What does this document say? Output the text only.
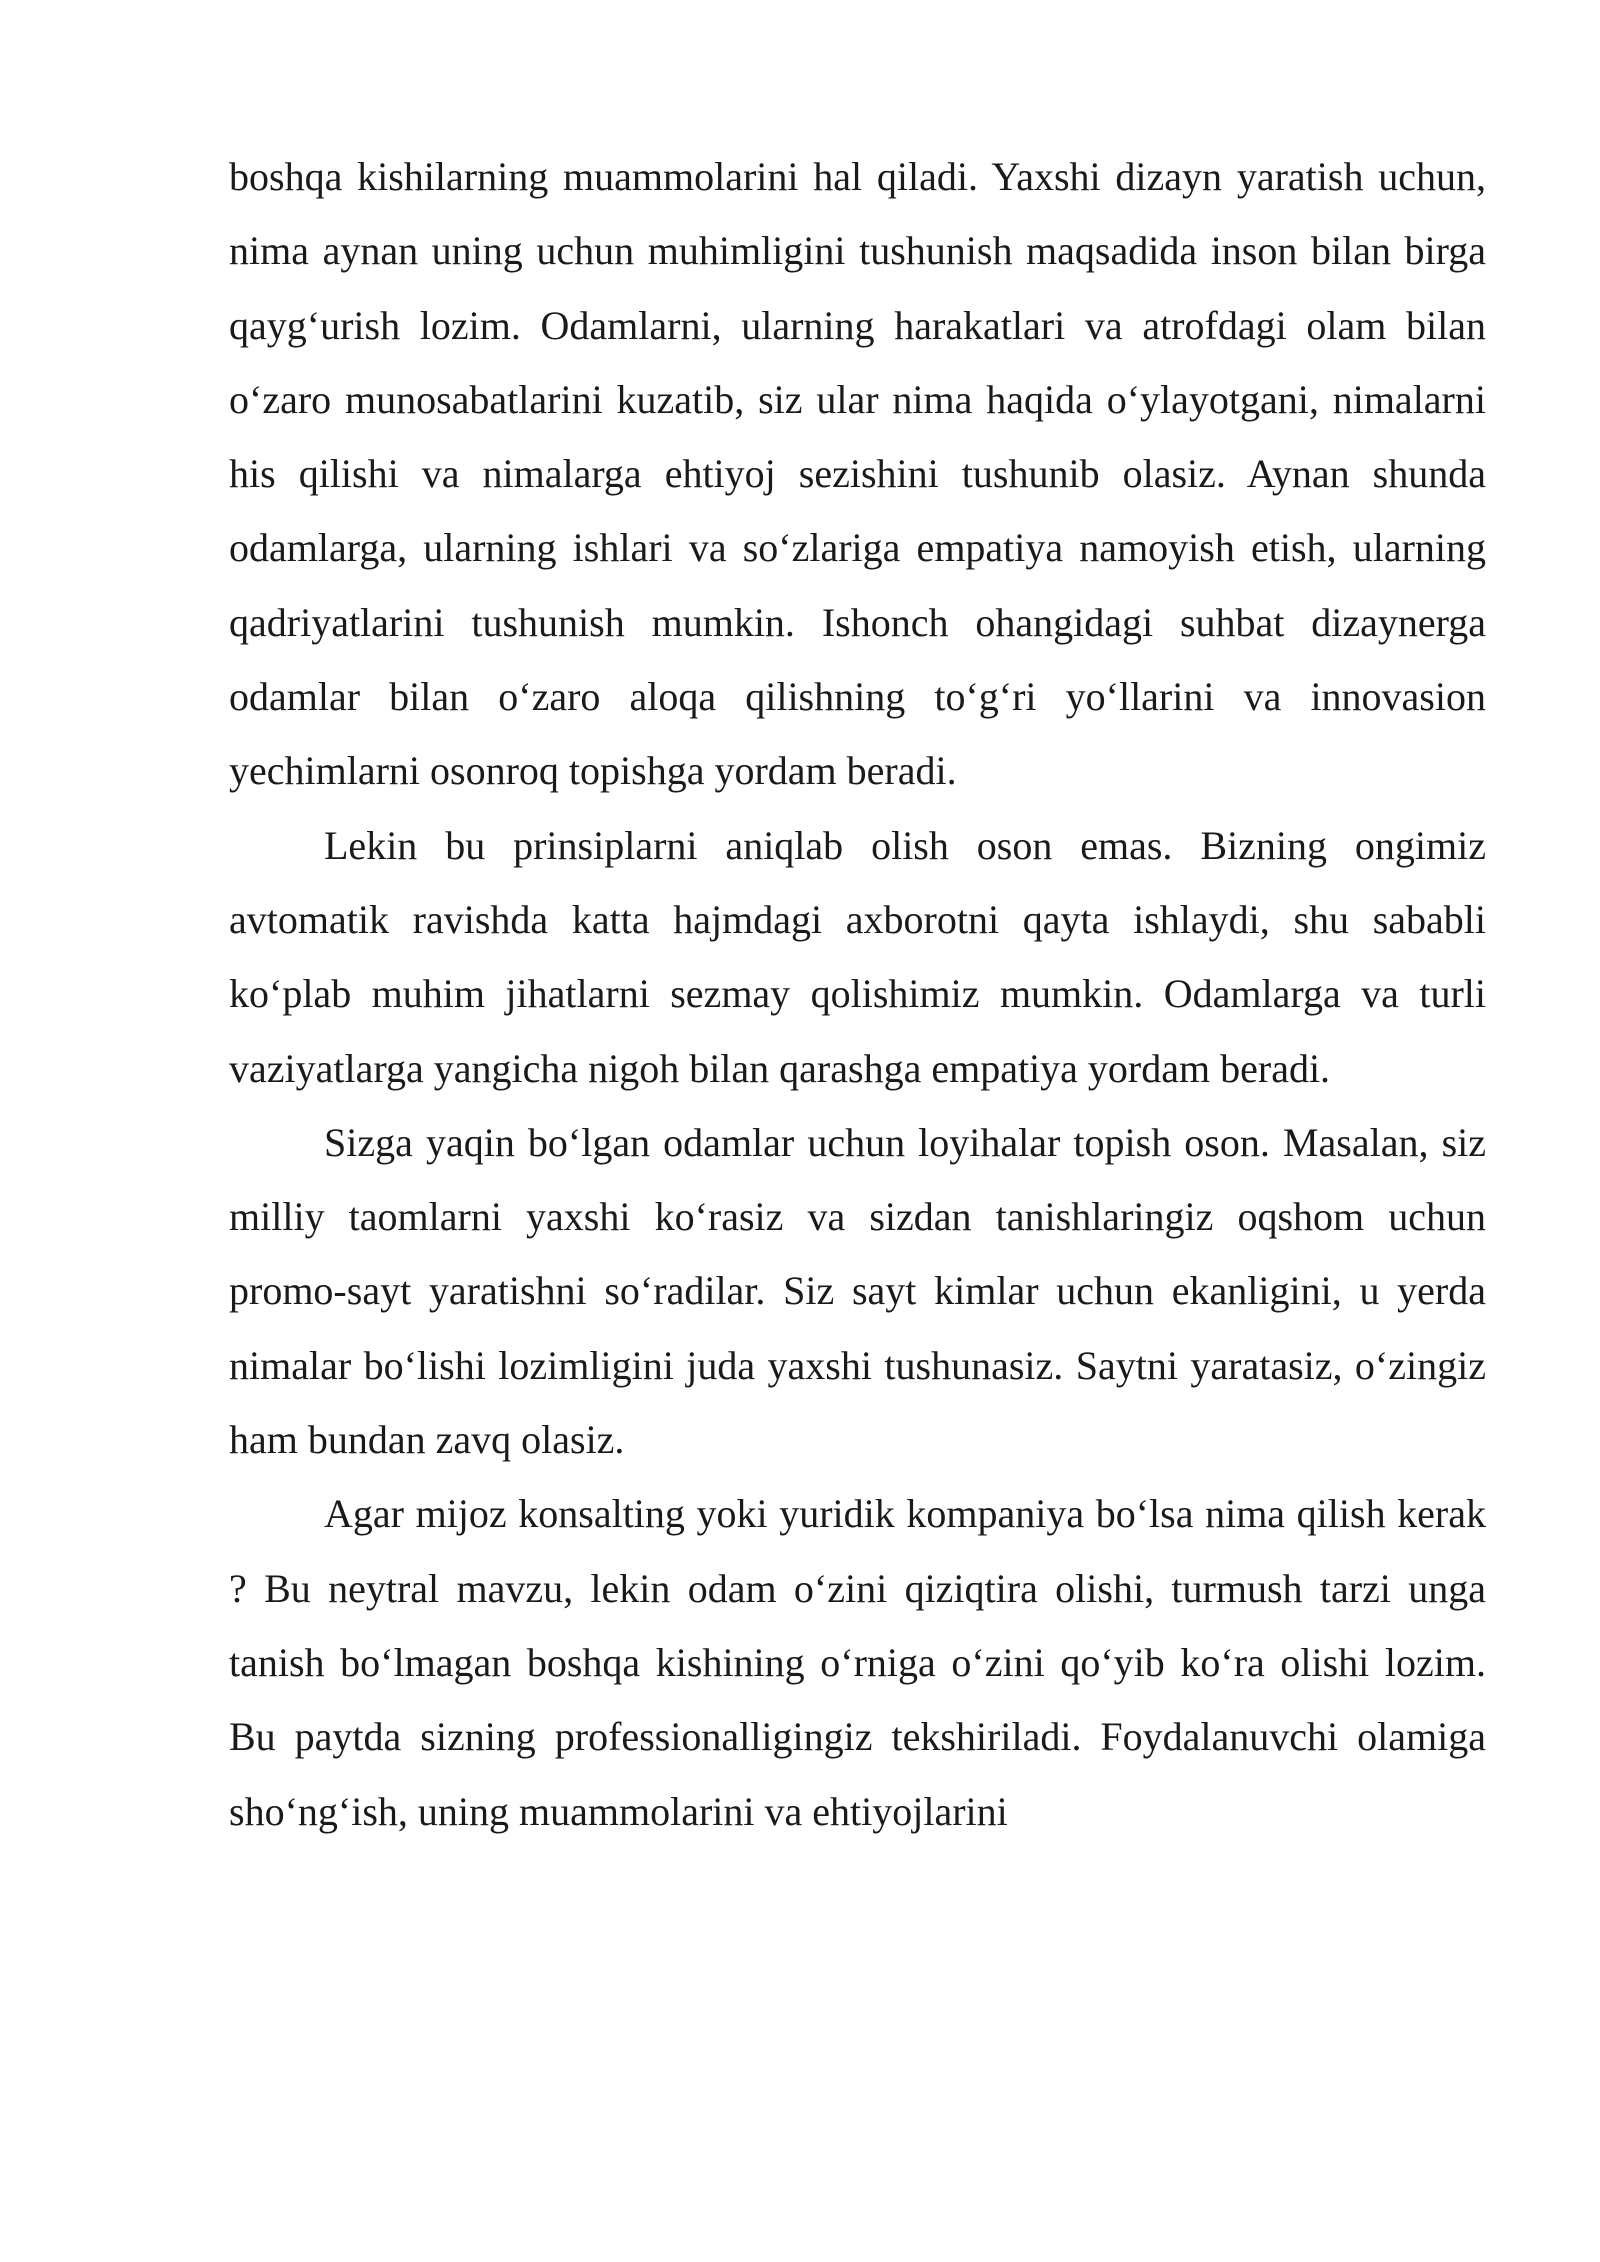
boshqa kishilarning muammolarini hal qiladi. Yaxshi dizayn yaratish uchun, nima aynan uning uchun muhimligini tushunish maqsadida inson bilan birga qayg‘urish lozim. Odamlarni, ularning harakatlari va atrofdagi olam bilan o‘zaro munosabatlarini kuzatib, siz ular nima haqida o‘ylayotgani, nimalarni his qilishi va nimalarga ehtiyoj sezishini tushunib olasiz. Aynan shunda odamlarga, ularning ishlari va so‘zlariga empatiya namoyish etish, ularning qadriyatlarini tushunish mumkin. Ishonch ohangidagi suhbat dizaynerga odamlar bilan o‘zaro aloqa qilishning to‘g‘ri yo‘llarini va innovasion yechimlarni osonroq topishga yordam beradi.

Lekin bu prinsiplarni aniqlab olish oson emas. Bizning ongimiz avtomatik ravishda katta hajmdagi axborotni qayta ishlaydi, shu sababli ko‘plab muhim jihatlarni sezmay qolishimiz mumkin. Odamlarga va turli vaziyatlarga yangicha nigoh bilan qarashga empatiya yordam beradi.

Sizga yaqin bo‘lgan odamlar uchun loyihalar topish oson. Masalan, siz milliy taomlarni yaxshi ko‘rasiz va sizdan tanishlaringiz oqshom uchun promo-sayt yaratishni so‘radilar. Siz sayt kimlar uchun ekanligini, u yerda nimalar bo‘lishi lozimligini juda yaxshi tushunasiz. Saytni yaratasiz, o‘zingiz ham bundan zavq olasiz.

Agar mijoz konsalting yoki yuridik kompaniya bo‘lsa nima qilish kerak ? Bu neytral mavzu, lekin odam o‘zini qiziqtira olishi, turmush tarzi unga tanish bo‘lmagan boshqa kishining o‘rniga o‘zini qo‘yib ko‘ra olishi lozim. Bu paytda sizning professionalligingiz tekshiriladi. Foydalanuvchi olamiga sho‘ng‘ish, uning muammolarini va ehtiyojlarini
